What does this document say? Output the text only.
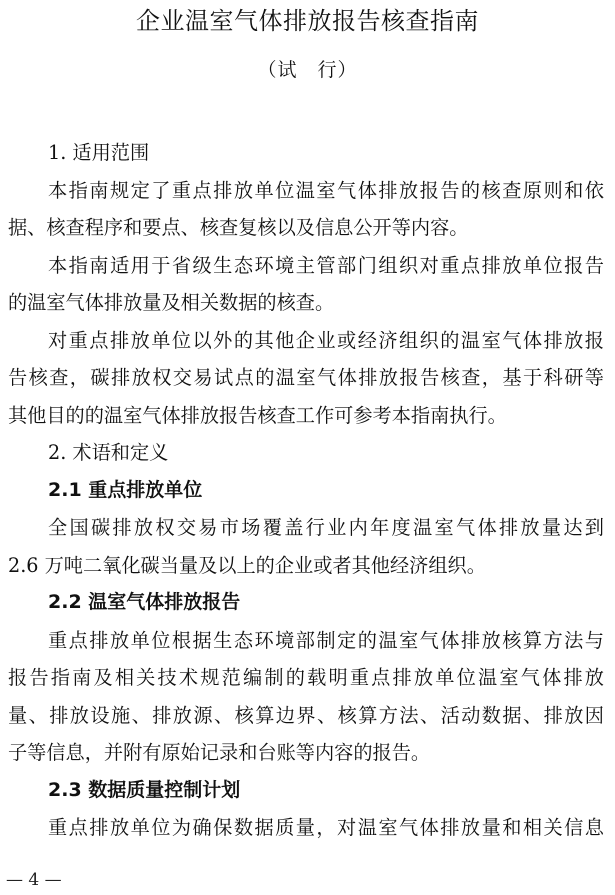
企业温室气体排放报告核查指南
（试　行）
1. 适用范围
本指南规定了重点排放单位温室气体排放报告的核查原则和依
据、核查程序和要点、核查复核以及信息公开等内容。
本指南适用于省级生态环境主管部门组织对重点排放单位报告
的温室气体排放量及相关数据的核查。
对重点排放单位以外的其他企业或经济组织的温室气体排放报
告核查，碳排放权交易试点的温室气体排放报告核查，基于科研等
其他目的的温室气体排放报告核查工作可参考本指南执行。
2. 术语和定义
2.1 重点排放单位
全国碳排放权交易市场覆盖行业内年度温室气体排放量达到
2.6 万吨二氧化碳当量及以上的企业或者其他经济组织。
2.2 温室气体排放报告
重点排放单位根据生态环境部制定的温室气体排放核算方法与
报告指南及相关技术规范编制的载明重点排放单位温室气体排放
量、排放设施、排放源、核算边界、核算方法、活动数据、排放因
子等信息，并附有原始记录和台账等内容的报告。
2.3 数据质量控制计划
重点排放单位为确保数据质量，对温室气体排放量和相关信息
— 4 —
